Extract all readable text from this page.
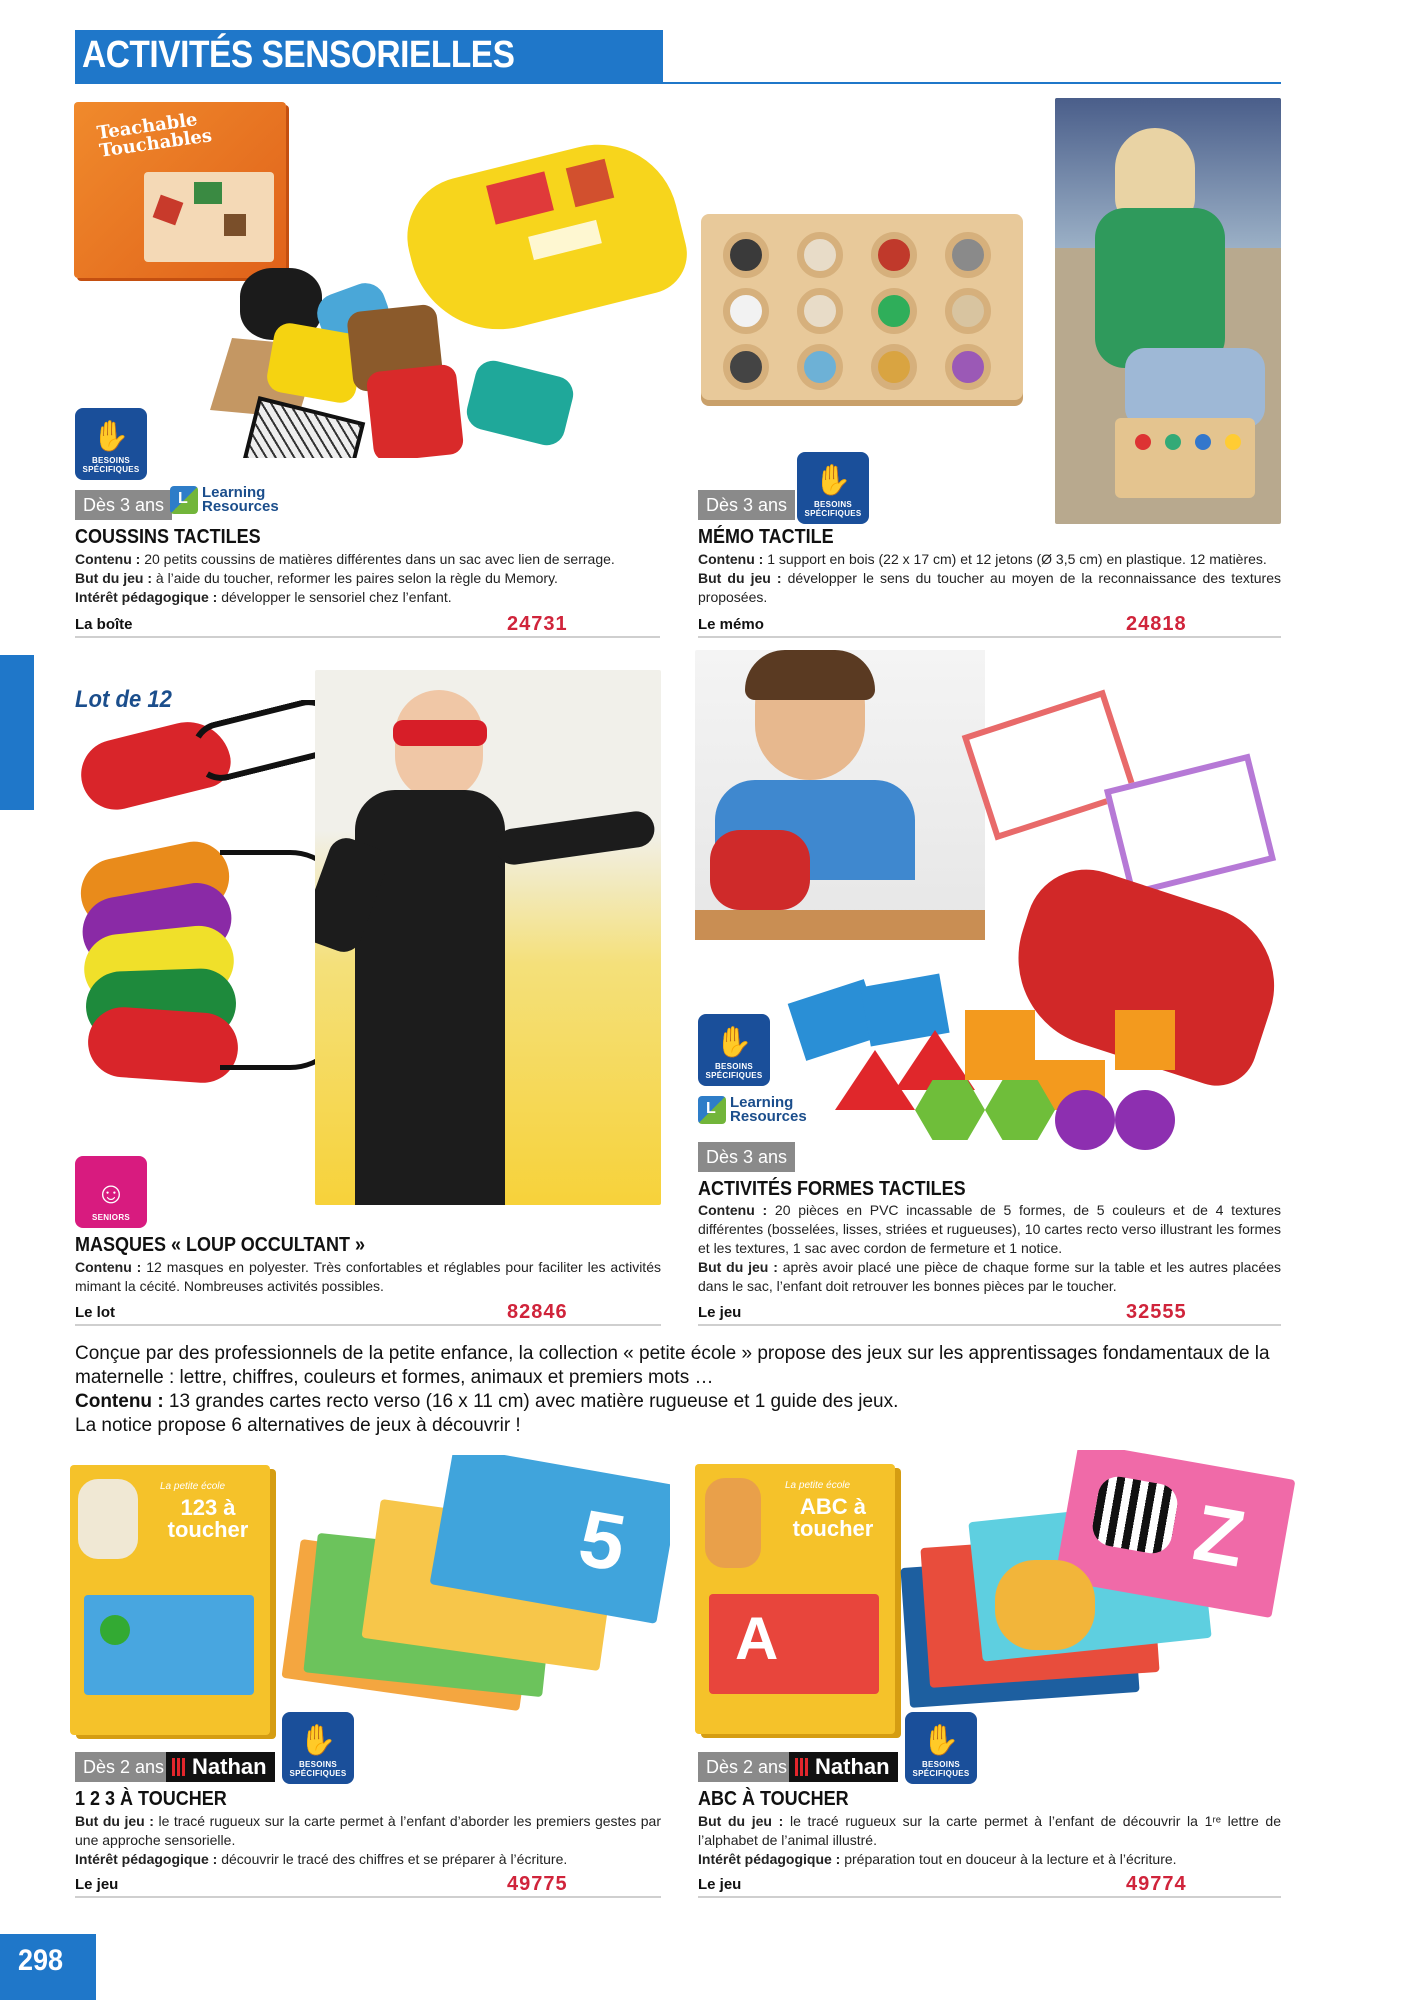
ACTIVITÉS SENSORIELLES
Teachable Touchables
✋
BESOINS SPÉCIFIQUES
Dès 3 ans
L
Learning Resources
COUSSINS TACTILES
Contenu : 20 petits coussins de matières différentes dans un sac avec lien de serrage.
But du jeu : à l’aide du toucher, reformer les paires selon la règle du Memory.
Intérêt pédagogique : développer le sensoriel chez l’enfant.
La boîte	24731
✋
BESOINS SPÉCIFIQUES
Dès 3 ans
MÉMO TACTILE
Contenu : 1 support en bois (22 x 17 cm) et 12 jetons (Ø 3,5 cm) en plastique. 12 matières.
But du jeu : développer le sens du toucher au moyen de la reconnaissance des textures proposées.
Le mémo	24818
Lot de 12
☺
SENIORS
MASQUES « LOUP OCCULTANT »
Contenu : 12 masques en polyester. Très confortables et réglables pour faciliter les activités mimant la cécité. Nombreuses activités possibles.
Le lot	82846
✋
BESOINS SPÉCIFIQUES
L
Learning Resources
Dès 3 ans
ACTIVITÉS FORMES TACTILES
Contenu : 20 pièces en PVC incassable de 5 formes, de 5 couleurs et de 4 textures différentes (bosselées, lisses, striées et rugueuses), 10 cartes recto verso illustrant les formes et les textures, 1 sac avec cordon de fermeture et 1 notice.
But du jeu : après avoir placé une pièce de chaque forme sur la table et les autres placées dans le sac, l’enfant doit retrouver les bonnes pièces par le toucher.
Le jeu	32555

Conçue par des professionnels de la petite enfance, la collection « petite école » propose des jeux sur les apprentissages fondamentaux de la maternelle : lettre, chiffres, couleurs et formes, animaux et premiers mots …

Contenu : 13 grandes cartes recto verso (16 x 11 cm) avec matière rugueuse et 1 guide des jeux.

La notice propose 6 alternatives de jeux à découvrir !

La petite école
123 à toucher	5
Dès 2 ans	Nathan
✋
BESOINS SPÉCIFIQUES
1 2 3 À TOUCHER
But du jeu : le tracé rugueux sur la carte permet à l’enfant d’aborder les premiers gestes par une approche sensorielle.
Intérêt pédagogique : découvrir le tracé des chiffres et se préparer à l’écriture.
Le jeu	49775
La petite école
ABC à toucher
A
Z
Dès 2 ans	Nathan
✋
BESOINS SPÉCIFIQUES
ABC À TOUCHER
But du jeu : le tracé rugueux sur la carte permet à l’enfant de découvrir la 1ʳᵉ lettre de l’alphabet de l’animal illustré.
Intérêt pédagogique : préparation tout en douceur à la lecture et à l’écriture.
Le jeu	49774
298
